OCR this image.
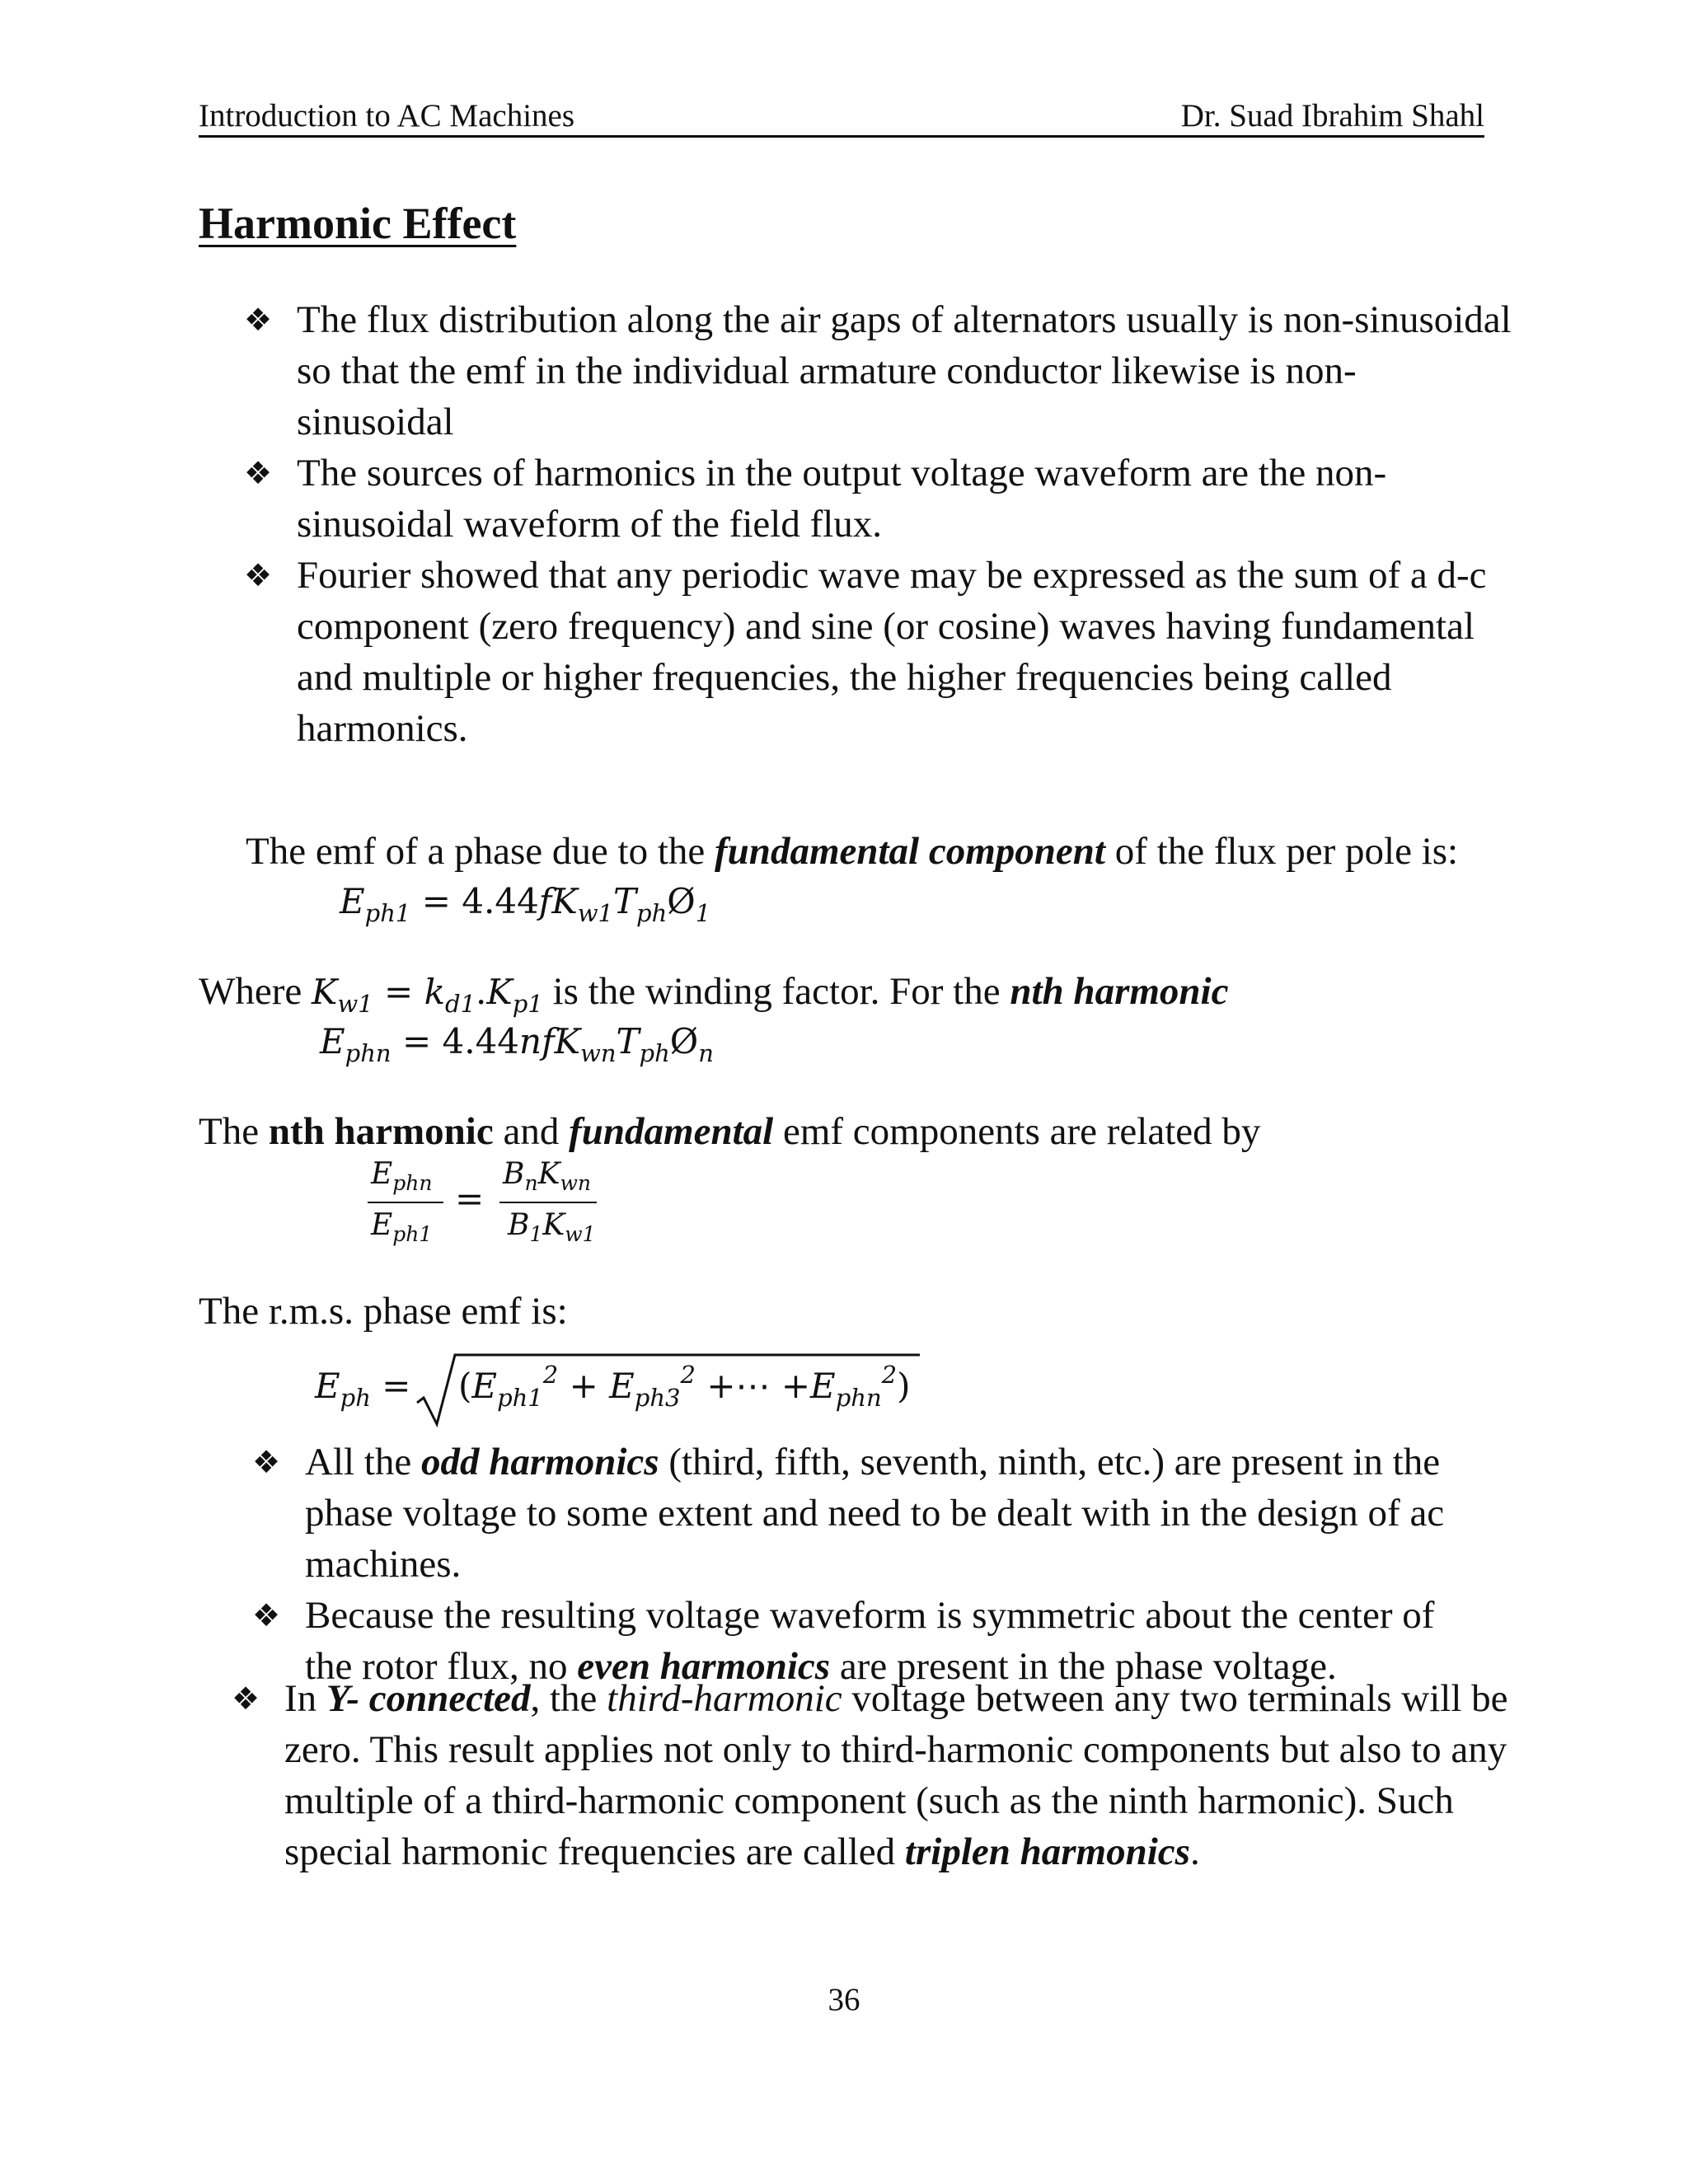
Introduction to AC Machines	Dr. Suad Ibrahim Shahl
Harmonic Effect
❖ The flux distribution along the air gaps of alternators usually is non-sinusoidal so that the emf in the individual armature conductor likewise is non-sinusoidal
❖ The sources of harmonics in the output voltage waveform are the non-sinusoidal waveform of the field flux.
❖ Fourier showed that any periodic wave may be expressed as the sum of a d-c component (zero frequency) and sine (or cosine) waves having fundamental and multiple or higher frequencies, the higher frequencies being called harmonics.
The emf of a phase due to the fundamental component of the flux per pole is:
$E_{ph1}$ = $4.44fK_{w1}T_{ph}Ø_1$
Where $K_{w1} = k_{d1}.K_{p1}$ is the winding factor. For the nth harmonic
$E_{phn}$ = $4.44nfK_{wn}T_{ph}Ø_n$
The nth harmonic and fundamental emf components are related by
$E_{phn}$
$E_{ph1}$
=
$B_nK_{wn}$
$B_1K_{w1}$
The r.m.s. phase emf is:
$E_{ph} = (E_{ph1}^2 + E_{ph3}^2$ +⋯ $+E_{phn}^2$)
❖ All the odd harmonics (third, fifth, seventh, ninth, etc.) are present in the phase voltage to some extent and need to be dealt with in the design of ac machines.
❖ Because the resulting voltage waveform is symmetric about the center of the rotor flux, no even harmonics are present in the phase voltage.
❖ In Y- connected, the third-harmonic voltage between any two terminals will be zero. This result applies not only to third-harmonic components but also to any multiple of a third-harmonic component (such as the ninth harmonic). Such special harmonic frequencies are called triplen harmonics.
36
